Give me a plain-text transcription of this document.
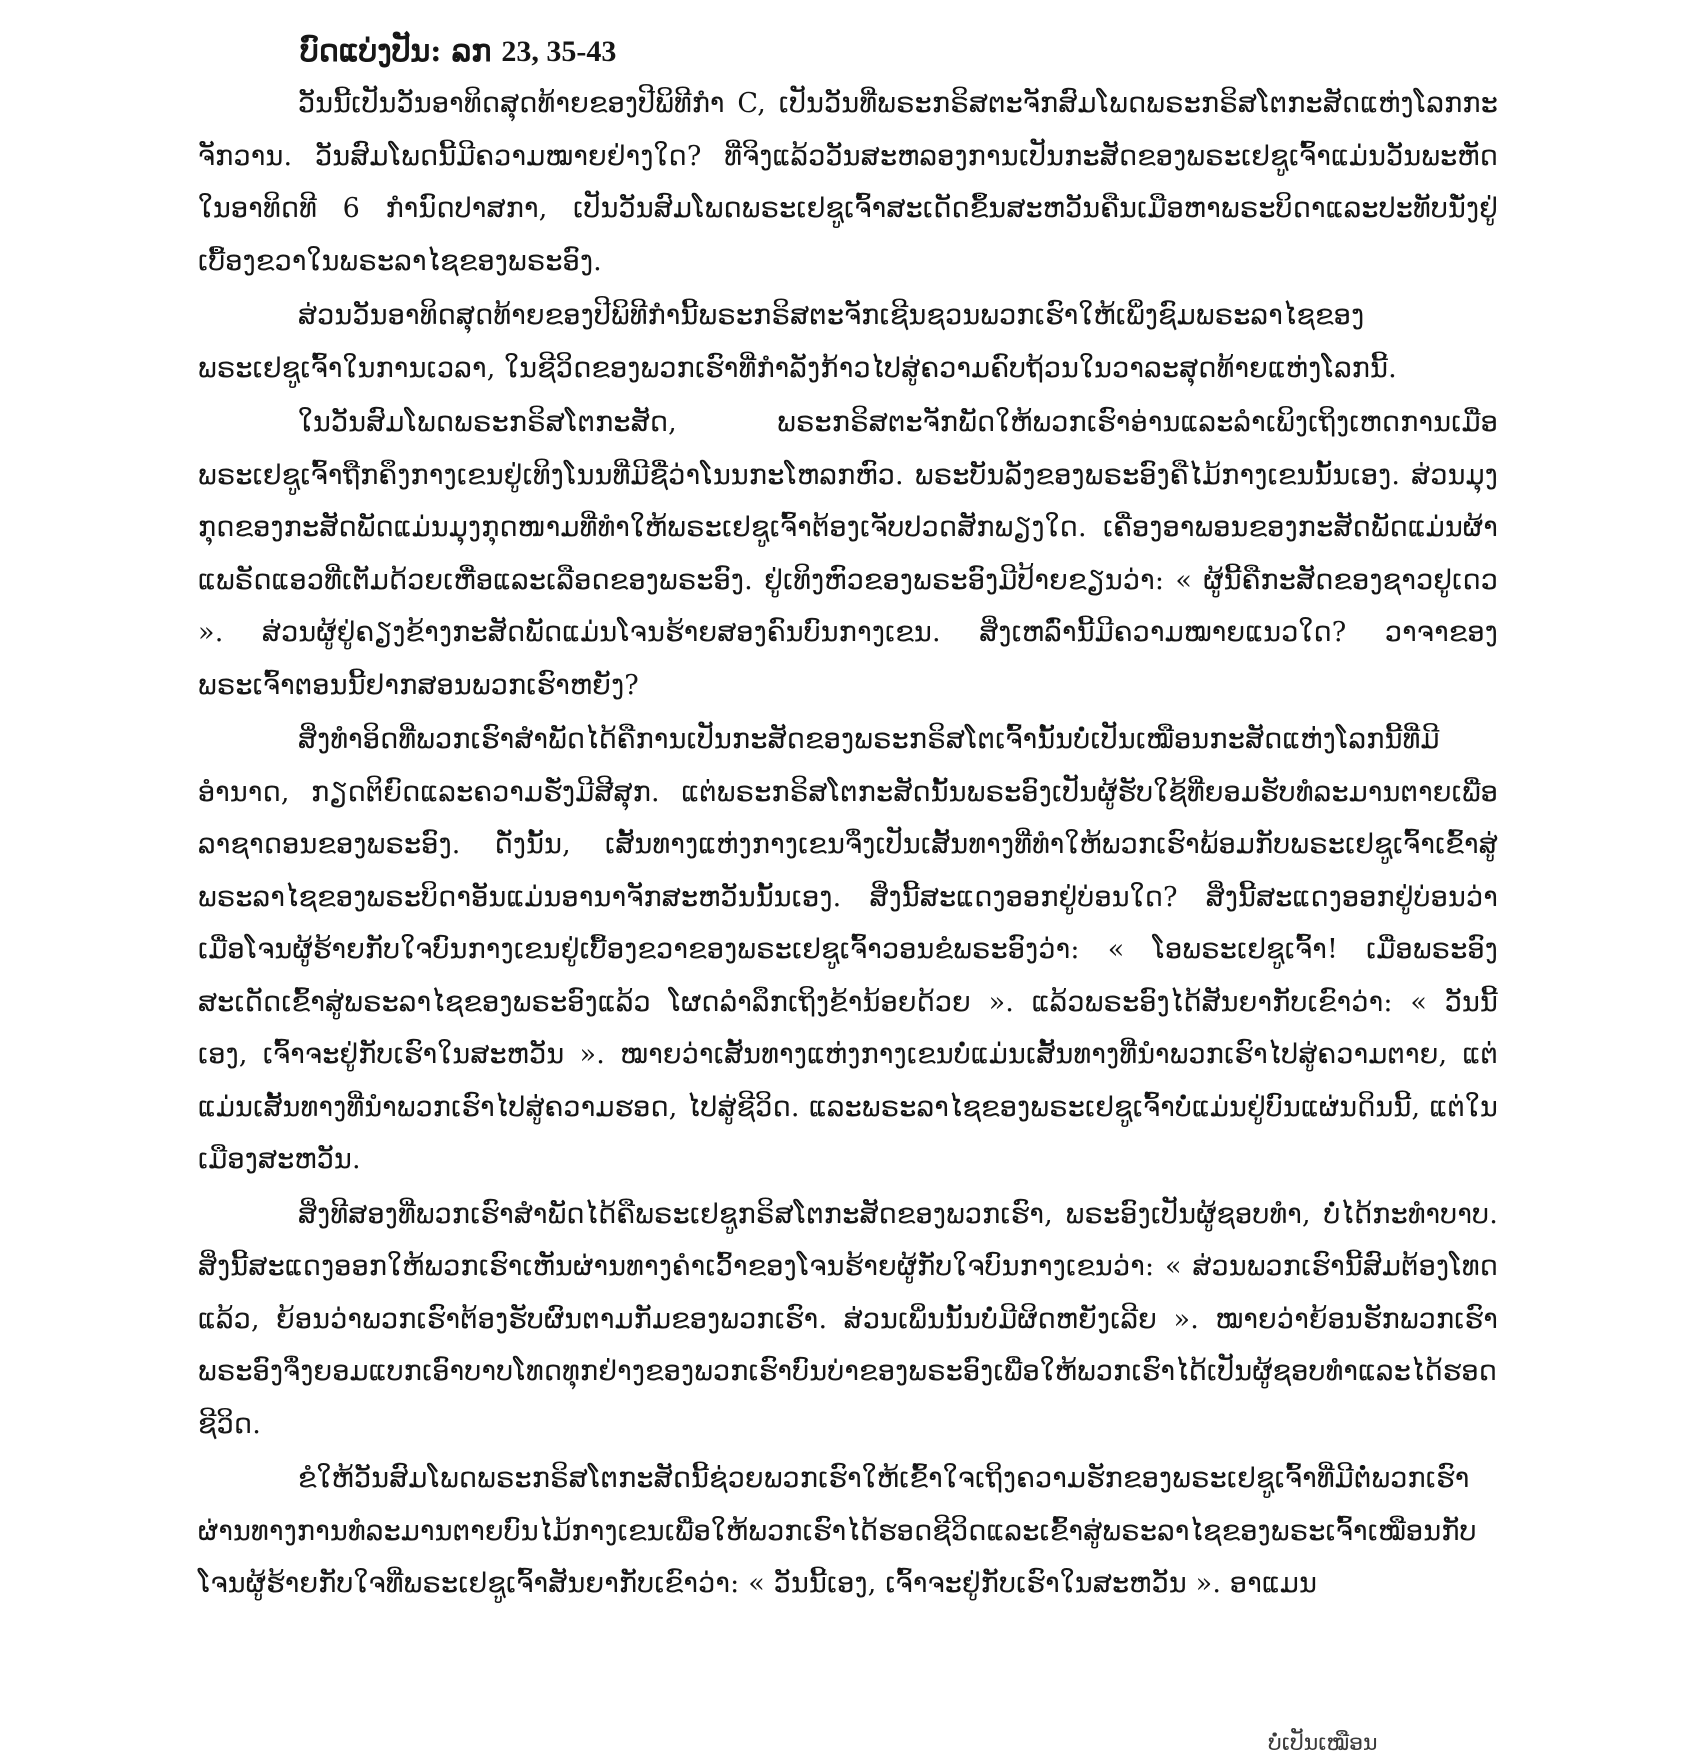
ບົດແບ່ງປັນ: ລກ 23, 35-43

ວັນນີ້ເປັນວັນອາທິດສຸດທ້າຍຂອງປີພິທີກຳ C, ເປັນວັນທີ່ພຣະກຣິສຕະຈັກສົມໂພດພຣະກຣິສໂຕກະສັດແຫ່ງໂລກກະຈັກວານ. ວັນສົມໂພດນີ້ມີຄວາມໝາຍຢ່າງໃດ? ທີ່ຈິງແລ້ວວັນສະຫລອງການເປັນກະສັດຂອງພຣະເຢຊູເຈົ້າແມ່ນວັນພະຫັດໃນອາທິດທີ 6 ກຳນົດປາສກາ, ເປັນວັນສົມໂພດພຣະເຢຊູເຈົ້າສະເດັດຂຶ້ນສະຫວັນຄືນເມືອຫາພຣະບິດາແລະປະທັບນັ່ງຢູ່ເບື້ອງຂວາໃນພຣະລາໄຊຂອງພຣະອົງ.

ສ່ວນວັນອາທິດສຸດທ້າຍຂອງປີພິທີກຳນີ້ພຣະກຣິສຕະຈັກເຊີນຊວນພວກເຮົາໃຫ້ເພິ່ງຊົມພຣະລາໄຊຂອງພຣະເຢຊູເຈົ້າໃນການເວລາ, ໃນຊີວິດຂອງພວກເຮົາທີ່ກຳລັງກ້າວໄປສູ່ຄວາມຄົບຖ້ວນໃນວາລະສຸດທ້າຍແຫ່ງໂລກນີ້.

ໃນວັນສົມໂພດພຣະກຣິສໂຕກະສັດ, ພຣະກຣິສຕະຈັກພັດໃຫ້ພວກເຮົາອ່ານແລະລຳເພິງເຖິງເຫດການເມື່ອພຣະເຢຊູເຈົ້າຖືກຄຶງກາງເຂນຢູ່ເທິງໂນນທີ່ມີຊື່ວ່າໂນນກະໂຫລກຫົວ. ພຣະບັນລັງຂອງພຣະອົງຄືໄມ້ກາງເຂນນັ້ນເອງ. ສ່ວນມຸງກຸດຂອງກະສັດພັດແມ່ນມຸງກຸດໜາມທີ່ທຳໃຫ້ພຣະເຢຊູເຈົ້າຕ້ອງເຈັບປວດສັກພຽງໃດ. ເຄື່ອງອາພອນຂອງກະສັດພັດແມ່ນຜ້າແພຣັດແອວທີ່ເຕັມດ້ວຍເຫື່ອແລະເລືອດຂອງພຣະອົງ. ຢູ່ເທິງຫົວຂອງພຣະອົງມີປ້າຍຂຽນວ່າ: « ຜູ້ນີ້ຄືກະສັດຂອງຊາວຢູເດວ ». ສ່ວນຜູ້ຢູ່ຄຽງຂ້າງກະສັດພັດແມ່ນໂຈນຮ້າຍສອງຄົນບົນກາງເຂນ. ສິ່ງເຫລົ່ານີ້ມີຄວາມໝາຍແນວໃດ? ວາຈາຂອງພຣະເຈົ້າຕອນນີ້ຢາກສອນພວກເຮົາຫຍັງ?

ສິ່ງທຳອິດທີ່ພວກເຮົາສຳພັດໄດ້ຄືການເປັນກະສັດຂອງພຣະກຣິສໂຕເຈົ້ານັ້ນບໍ່ເປັນເໝືອນກະສັດແຫ່ງໂລກນີ້ທີ່ມີອຳນາດ, ກຽດຕິຍົດແລະຄວາມຮັ່ງມີສີສຸກ. ແຕ່ພຣະກຣິສໂຕກະສັດນັ້ນພຣະອົງເປັນຜູ້ຮັບໃຊ້ທີ່ຍອມຮັບທໍລະມານຕາຍເພື່ອລາຊາດອນຂອງພຣະອົງ. ດັ່ງນັ້ນ, ເສັ້ນທາງແຫ່ງກາງເຂນຈຶ່ງເປັນເສັ້ນທາງທີ່ທຳໃຫ້ພວກເຮົາພ້ອມກັບພຣະເຢຊູເຈົ້າເຂົ້າສູ່ພຣະລາໄຊຂອງພຣະບິດາອັນແມ່ນອານາຈັກສະຫວັນນັ້ນເອງ. ສິ່ງນີ້ສະແດງອອກຢູ່ບ່ອນໃດ? ສິ່ງນີ້ສະແດງອອກຢູ່ບ່ອນວ່າເມື່ອໂຈນຜູ້ຮ້າຍກັບໃຈບົນກາງເຂນຢູ່ເບື້ອງຂວາຂອງພຣະເຢຊູເຈົ້າວອນຂໍພຣະອົງວ່າ: « ໂອພຣະເຢຊູເຈົ້າ! ເມື່ອພຣະອົງສະເດັດເຂົ້າສູ່ພຣະລາໄຊຂອງພຣະອົງແລ້ວ ໂຜດລຳລຶກເຖິງຂ້ານ້ອຍດ້ວຍ ». ແລ້ວພຣະອົງໄດ້ສັນຍາກັບເຂົາວ່າ: « ວັນນີ້ເອງ, ເຈົ້າຈະຢູ່ກັບເຮົາໃນສະຫວັນ ». ໝາຍວ່າເສັ້ນທາງແຫ່ງກາງເຂນບໍ່ແມ່ນເສັ້ນທາງທີ່ນຳພວກເຮົາໄປສູ່ຄວາມຕາຍ, ແຕ່ແມ່ນເສັ້ນທາງທີ່ນຳພວກເຮົາໄປສູ່ຄວາມຮອດ, ໄປສູ່ຊີວິດ. ແລະພຣະລາໄຊຂອງພຣະເຢຊູເຈົ້າບໍ່ແມ່ນຢູ່ບົນແຜ່ນດິນນີ້, ແຕ່ໃນເມືອງສະຫວັນ.

ສິ່ງທີສອງທີ່ພວກເຮົາສຳພັດໄດ້ຄືພຣະເຢຊູກຣິສໂຕກະສັດຂອງພວກເຮົາ, ພຣະອົງເປັນຜູ້ຊອບທຳ, ບໍ່ໄດ້ກະທຳບາບ. ສິ່ງນີ້ສະແດງອອກໃຫ້ພວກເຮົາເຫັນຜ່ານທາງຄຳເວົ້າຂອງໂຈນຮ້າຍຜູ້ກັບໃຈບົນກາງເຂນວ່າ: « ສ່ວນພວກເຮົານີ້ສົມຕ້ອງໂທດແລ້ວ, ຍ້ອນວ່າພວກເຮົາຕ້ອງຮັບຜົນຕາມກັມຂອງພວກເຮົາ. ສ່ວນເພິ່ນນັ້ນບໍ່ມີຜິດຫຍັງເລີຍ ». ໝາຍວ່າຍ້ອນຮັກພວກເຮົາພຣະອົງຈຶ່ງຍອມແບກເອົາບາບໂທດທຸກຢ່າງຂອງພວກເຮົາບົນບ່າຂອງພຣະອົງເພື່ອໃຫ້ພວກເຮົາໄດ້ເປັນຜູ້ຊອບທຳແລະໄດ້ຮອດຊີວິດ.

ຂໍໃຫ້ວັນສົມໂພດພຣະກຣິສໂຕກະສັດນີ້ຊ່ວຍພວກເຮົາໃຫ້ເຂົ້າໃຈເຖິງຄວາມຮັກຂອງພຣະເຢຊູເຈົ້າທີ່ມີຕໍ່ພວກເຮົາ ຜ່ານທາງການທໍລະມານຕາຍບົນໄມ້ກາງເຂນເພື່ອໃຫ້ພວກເຮົາໄດ້ຮອດຊີວິດແລະເຂົ້າສູ່ພຣະລາໄຊຂອງພຣະເຈົ້າເໝືອນກັບໂຈນຜູ້ຮ້າຍກັບໃຈທີ່ພຣະເຢຊູເຈົ້າສັນຍາກັບເຂົາວ່າ: « ວັນນີ້ເອງ, ເຈົ້າຈະຢູ່ກັບເຮົາໃນສະຫວັນ ». ອາແມນ

ບໍ່ເປັນເໝືອນ
